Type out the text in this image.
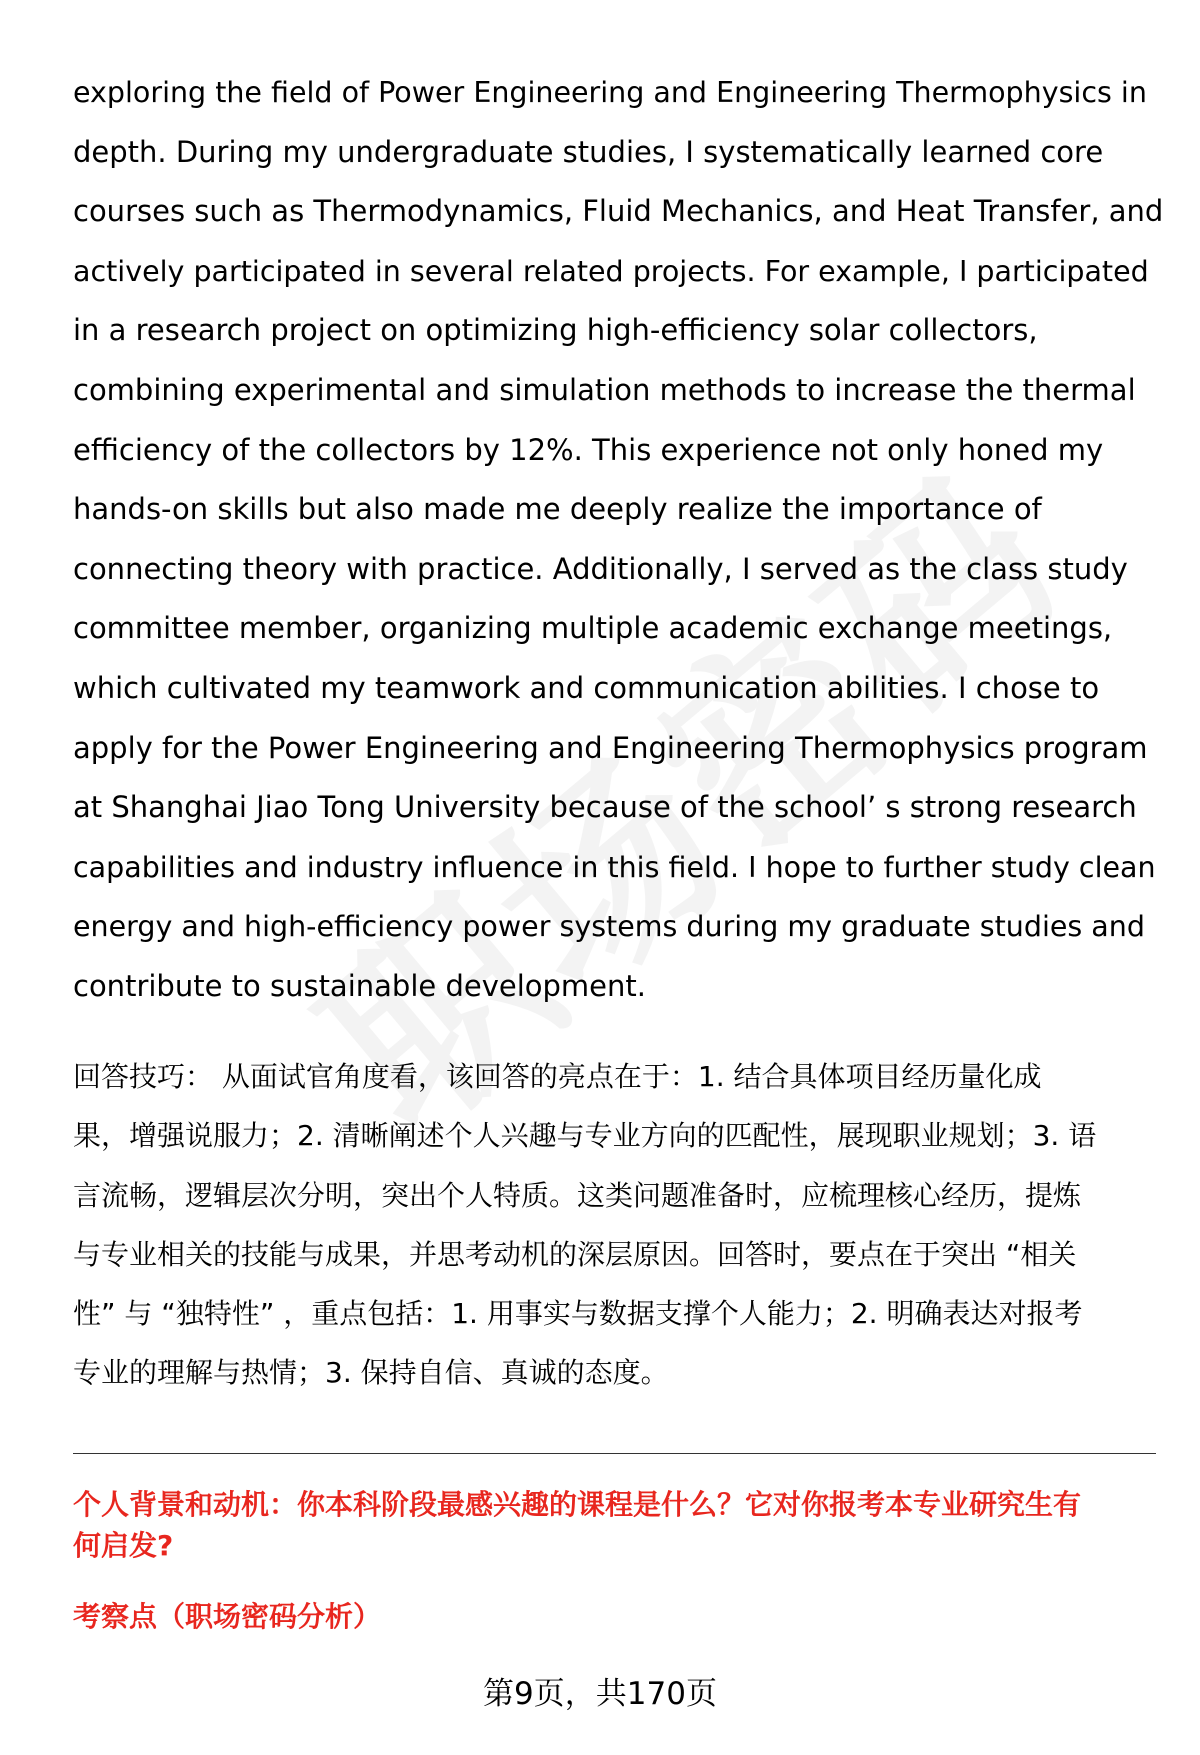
exploring the field of Power Engineering and Engineering Thermophysics in
depth. During my undergraduate studies, I systematically learned core
courses such as Thermodynamics, Fluid Mechanics, and Heat Transfer, and
actively participated in several related projects. For example, I participated
in a research project on optimizing high-efficiency solar collectors,
combining experimental and simulation methods to increase the thermal
efficiency of the collectors by 12%. This experience not only honed my
hands-on skills but also made me deeply realize the importance of
connecting theory with practice. Additionally, I served as the class study
committee member, organizing multiple academic exchange meetings,
which cultivated my teamwork and communication abilities. I chose to
apply for the Power Engineering and Engineering Thermophysics program
at Shanghai Jiao Tong University because of the school’ s strong research
capabilities and industry influence in this field. I hope to further study clean
energy and high-efficiency power systems during my graduate studies and
contribute to sustainable development.
回答技巧： 从面试官角度看，该回答的亮点在于：1. 结合具体项目经历量化成
果，增强说服力；2. 清晰阐述个人兴趣与专业方向的匹配性，展现职业规划；3. 语
言流畅，逻辑层次分明，突出个人特质。这类问题准备时，应梳理核心经历，提炼
与专业相关的技能与成果，并思考动机的深层原因。回答时，要点在于突出 “相关
性” 与 “独特性” ，重点包括：1. 用事实与数据支撑个人能力；2. 明确表达对报考
专业的理解与热情；3. 保持自信、真诚的态度。
个人背景和动机：你本科阶段最感兴趣的课程是什么？它对你报考本专业研究生有
何启发?
考察点（职场密码分析）
第9页，共170页
